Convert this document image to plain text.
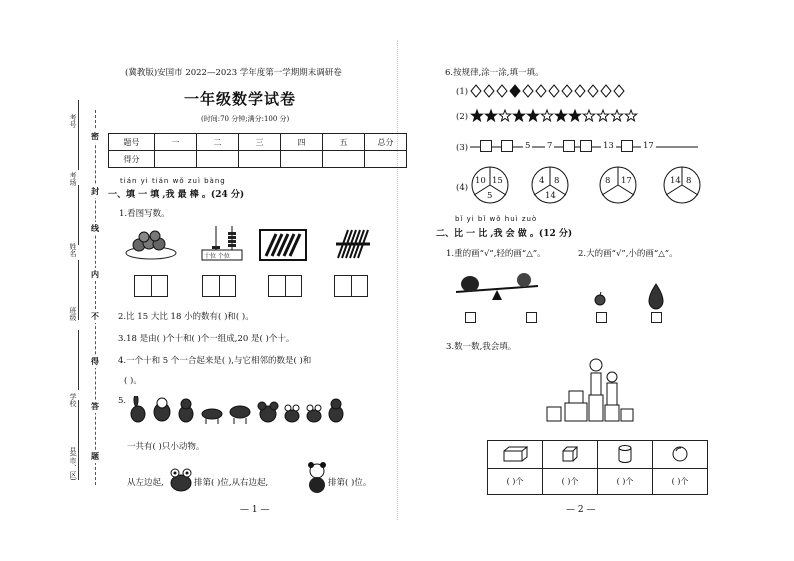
考号
考场
姓名
班级
学校
县(市、区)
密
封
线
内
不
得
答
题
(冀教版)安国市 2022—2023 学年度第一学期期末调研卷
一年级数学试卷
(时间:70 分钟;满分:100 分)
题号	一	二	三	四	五	总分
得分						
tián yi tián wǒ zuì bàng
一、填 一 填 ,我 最 棒 。(24 分)
1.看图写数。
十位 个位
2.比 15 大比 18 小的数有( )和( )。
3.18 是由( )个十和( )个一组成,20 是( )个十。
4.一个十和 5 个一合起来是( ),与它相邻的数是( )和
( )。
5.
一共有( )只小动物。
从左边起,	排第( )位,从右边起,	排第( )位。
— 1 —
6.按规律,涂一涂,填一填。
(1)
(2)
(3)	5 7	13	17
(4)
10 15
5
4 8
14
8 17	14 8
bǐ yi bǐ wǒ huì zuò
二、比 一 比 ,我 会 做 。(12 分)
1.重的画“√”,轻的画“△”。	2.大的画“√”,小的画“△”。
3.数一数,我会填。

( )个	( )个	( )个	( )个
— 2 —
